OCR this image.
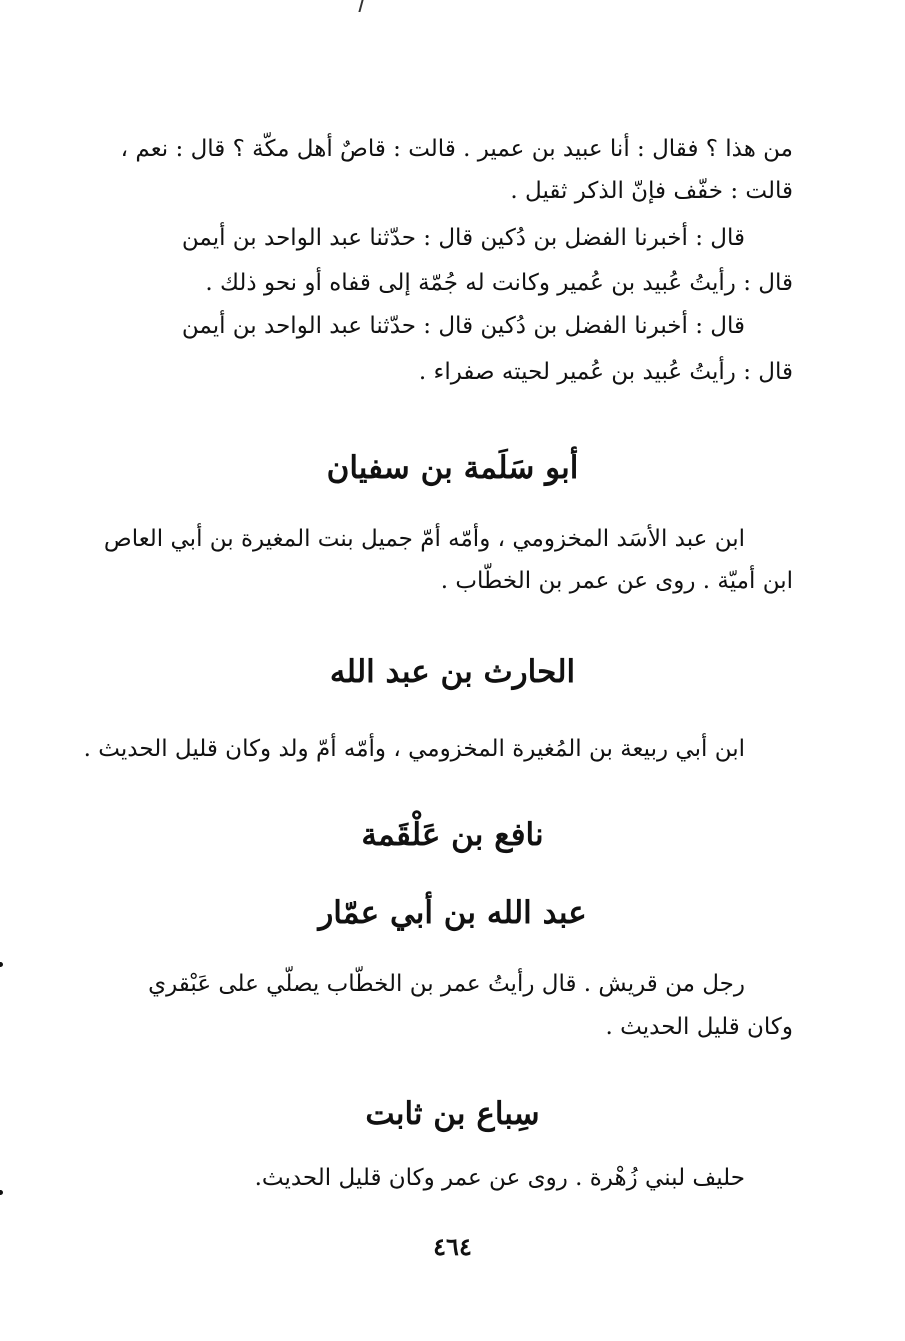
من هذا ؟ فقال : أنا عبيد بن عمير . قالت : قاصٌ أهل مكّة ؟ قال : نعم ،
قالت : خفّف فإنّ الذكر ثقيل .
قال : أخبرنا الفضل بن دُكين قال : حدّثنا عبد الواحد بن أيمن
قال : رأيتُ عُبيد بن عُمير وكانت له جُمّة إلى قفاه أو نحو ذلك .
قال : أخبرنا الفضل بن دُكين قال : حدّثنا عبد الواحد بن أيمن
قال : رأيتُ عُبيد بن عُمير لحيته صفراء .
أبو سَلَمة بن سفيان
ابن عبد الأسَد المخزومي ، وأمّه أمّ جميل بنت المغيرة بن أبي العاص
ابن أميّة . روى عن عمر بن الخطّاب .
الحارث بن عبد الله
ابن أبي ربيعة بن المُغيرة المخزومي ، وأمّه أمّ ولد وكان قليل الحديث .
نافع بن عَلْقَمة
عبد الله بن أبي عمّار
رجل من قريش . قال رأيتُ عمر بن الخطّاب يصلّي على عَبْقري
وكان قليل الحديث .
سِباع بن ثابت
حليف لبني زُهْرة . روى عن عمر وكان قليل الحديث.
٤٦٤
